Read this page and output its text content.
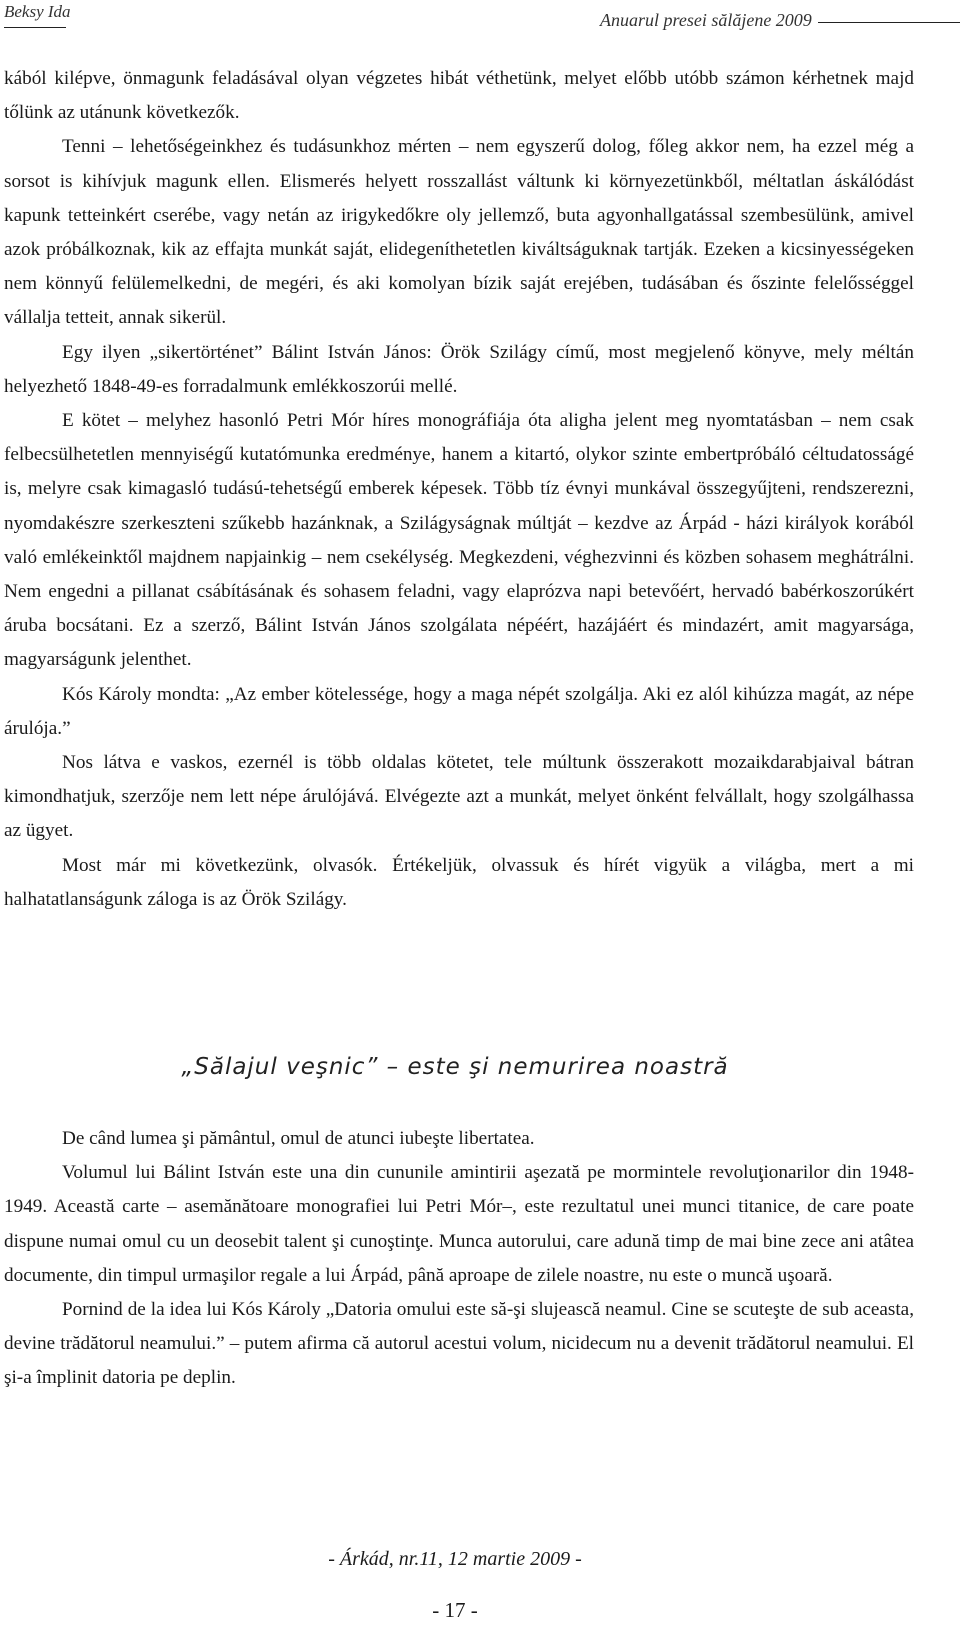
Beksy Ida	Anuarul presei sălăjene 2009

kából kilépve, önmagunk feladásával olyan végzetes hibát véthetünk, melyet előbb utóbb számon kérhetnek majd tőlünk az utánunk következők.

Tenni – lehetőségeinkhez és tudásunkhoz mérten – nem egyszerű dolog, főleg akkor nem, ha ezzel még a sorsot is kihívjuk magunk ellen. Elismerés helyett rosszallást váltunk ki környezetünkből, méltatlan áskálódást kapunk tetteinkért cserébe, vagy netán az irigykedőkre oly jellemző, buta agyonhallgatással szembesülünk, amivel azok próbálkoznak, kik az effajta munkát saját, elidegeníthetetlen kiváltságuknak tartják. Ezeken a kicsinyességeken nem könnyű felülemelkedni, de megéri, és aki komolyan bízik saját erejében, tudásában és őszinte felelősséggel vállalja tetteit, annak sikerül.

Egy ilyen „sikertörténet” Bálint István János: Örök Szilágy című, most megjelenő könyve, mely méltán helyezhető 1848-49-es forradalmunk emlékkoszorúi mellé.

E kötet – melyhez hasonló Petri Mór híres monográfiája óta aligha jelent meg nyomtatásban – nem csak felbecsülhetetlen mennyiségű kutatómunka eredménye, hanem a kitartó, olykor szinte embertpróbáló céltudatosságé is, melyre csak kimagasló tudású-tehetségű emberek képesek. Több tíz évnyi munkával összegyűjteni, rendszerezni, nyomdakészre szerkeszteni szűkebb hazánknak, a Szilágyságnak múltját – kezdve az Árpád - házi királyok korából való emlékeinktől majdnem napjainkig – nem csekélység. Megkezdeni, véghezvinni és közben sohasem meghátrálni. Nem engedni a pillanat csábításának és sohasem feladni, vagy elaprózva napi betevőért, hervadó babérkoszorúkért áruba bocsátani. Ez a szerző, Bálint István János szolgálata népéért, hazájáért és mindazért, amit magyarsága, magyarságunk jelenthet.

Kós Károly mondta: „Az ember kötelessége, hogy a maga népét szolgálja. Aki ez alól kihúzza magát, az népe árulója.”

Nos látva e vaskos, ezernél is több oldalas kötetet, tele múltunk összerakott mozaikdarabjaival bátran kimondhatjuk, szerzője nem lett népe árulójává. Elvégezte azt a munkát, melyet önként felvállalt, hogy szolgálhassa az ügyet.

Most már mi következünk, olvasók. Értékeljük, olvassuk és hírét vigyük a világba, mert a mi halhatatlanságunk záloga is az Örök Szilágy.

„Sălajul veşnic” – este şi nemurirea noastră

De când lumea şi pământul, omul de atunci iubeşte libertatea.

Volumul lui Bálint István este una din cununile amintirii aşezată pe mormintele revoluţionarilor din 1948-1949. Această carte – asemănătoare monografiei lui Petri Mór–, este rezultatul unei munci titanice, de care poate dispune numai omul cu un deosebit talent şi cunoştinţe. Munca autorului, care adună timp de mai bine zece ani atâtea documente, din timpul urmaşilor regale a lui Árpád, până aproape de zilele noastre, nu este o muncă uşoară.

Pornind de la idea lui Kós Károly „Datoria omului este să-şi slujească neamul. Cine se scuteşte de sub aceasta, devine trădătorul neamului.” – putem afirma că autorul acestui volum, nicidecum nu a devenit trădătorul neamului. El şi-a împlinit datoria pe deplin.

- Árkád, nr.11, 12 martie 2009 -
- 17 -
